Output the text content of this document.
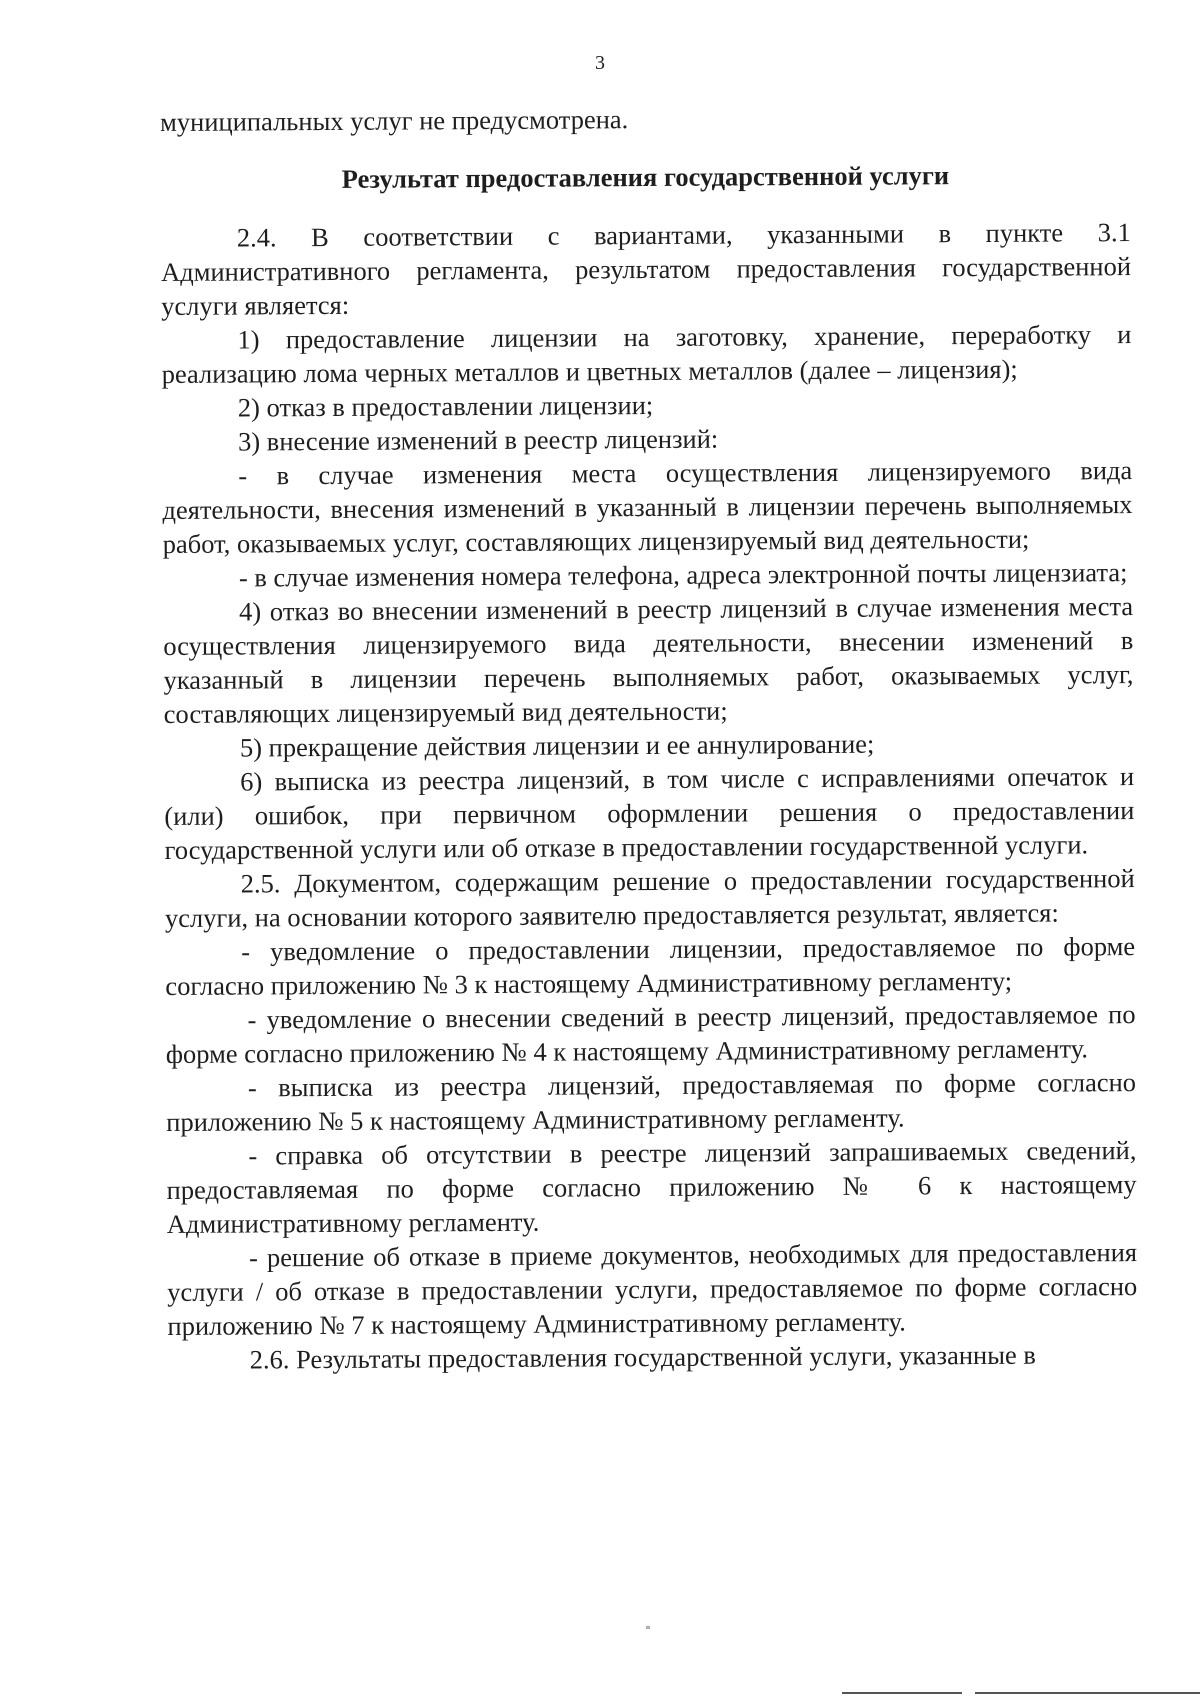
3

муниципальных услуг не предусмотрена.

Результат предоставления государственной услуги

2.4. В соответствии с вариантами, указанными в пункте 3.1 Административного регламента, результатом предоставления государственной услуги является:

1) предоставление лицензии на заготовку, хранение, переработку и реализацию лома черных металлов и цветных металлов (далее – лицензия);

2) отказ в предоставлении лицензии;

3) внесение изменений в реестр лицензий:

- в случае изменения места осуществления лицензируемого вида деятельности, внесения изменений в указанный в лицензии перечень выполняемых работ, оказываемых услуг, составляющих лицензируемый вид деятельности;

- в случае изменения номера телефона, адреса электронной почты лицензиата;

4) отказ во внесении изменений в реестр лицензий в случае изменения места осуществления лицензируемого вида деятельности, внесении изменений в указанный в лицензии перечень выполняемых работ, оказываемых услуг, составляющих лицензируемый вид деятельности;

5) прекращение действия лицензии и ее аннулирование;

6) выписка из реестра лицензий, в том числе с исправлениями опечаток и (или) ошибок, при первичном оформлении решения о предоставлении государственной услуги или об отказе в предоставлении государственной услуги.

2.5. Документом, содержащим решение о предоставлении государственной услуги, на основании которого заявителю предоставляется результат, является:

- уведомление о предоставлении лицензии, предоставляемое по форме согласно приложению № 3 к настоящему Административному регламенту;

- уведомление о внесении сведений в реестр лицензий, предоставляемое по форме согласно приложению № 4 к настоящему Административному регламенту.

- выписка из реестра лицензий, предоставляемая по форме согласно приложению № 5 к настоящему Административному регламенту.

- справка об отсутствии в реестре лицензий запрашиваемых сведений, предоставляемая по форме согласно приложению № 6 к настоящему Административному регламенту.

- решение об отказе в приеме документов, необходимых для предоставления услуги / об отказе в предоставлении услуги, предоставляемое по форме согласно приложению № 7 к настоящему Административному регламенту.

2.6. Результаты предоставления государственной услуги, указанные в
